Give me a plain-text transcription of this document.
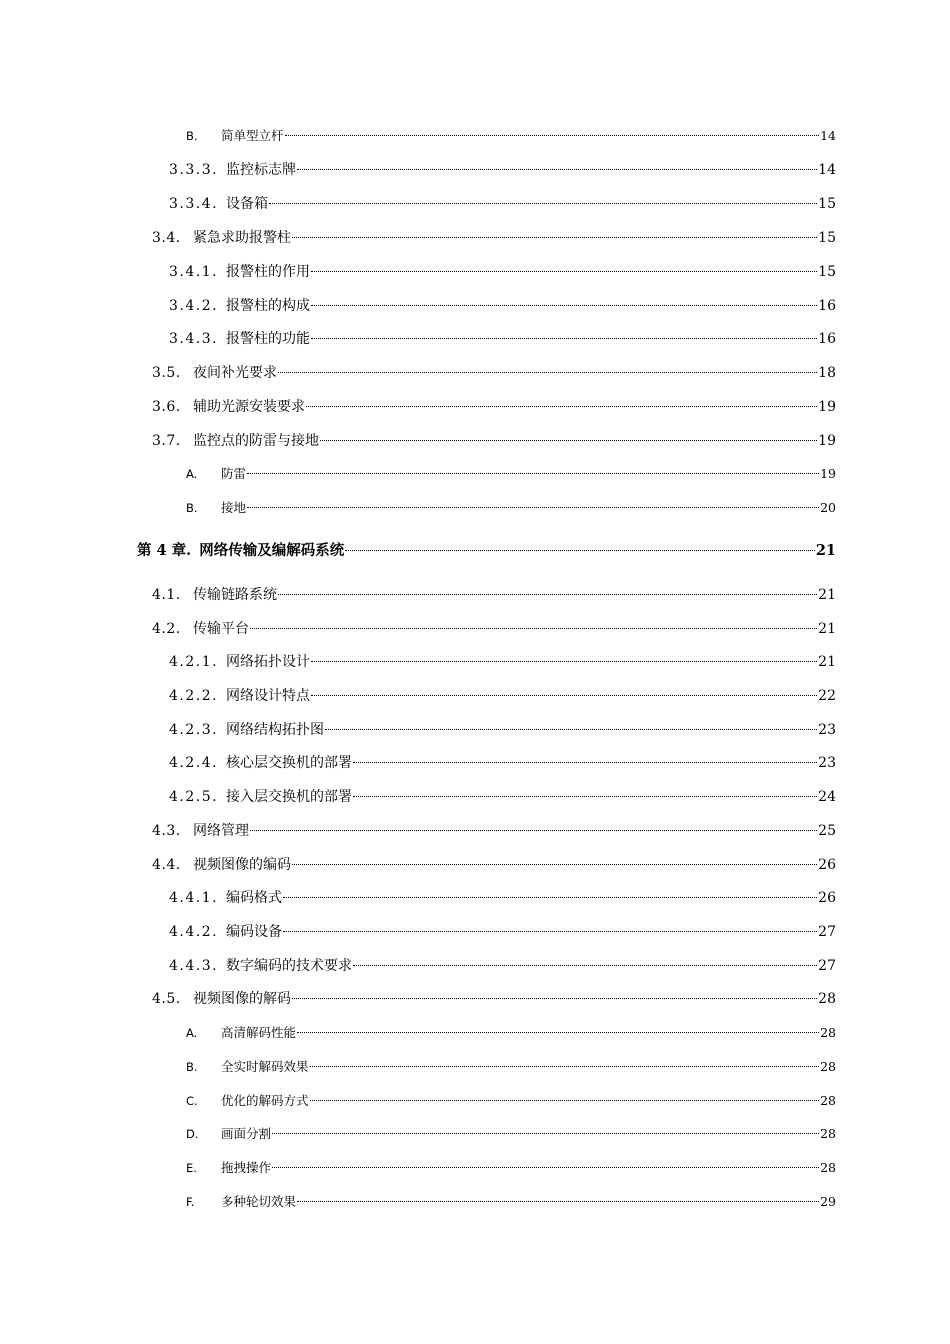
B.	简单型立杆	14
3.3.3. 监控标志牌	14
3.3.4. 设备箱	15
3.4. 紧急求助报警柱	15
3.4.1. 报警柱的作用	15
3.4.2. 报警柱的构成	16
3.4.3. 报警柱的功能	16
3.5. 夜间补光要求	18
3.6. 辅助光源安装要求	19
3.7. 监控点的防雷与接地	19
A.	防雷	19
B.	接地	20
第 4 章. 网络传输及编解码系统	21
4.1. 传输链路系统	21
4.2. 传输平台	21
4.2.1. 网络拓扑设计	21
4.2.2. 网络设计特点	22
4.2.3. 网络结构拓扑图	23
4.2.4. 核心层交换机的部署	23
4.2.5. 接入层交换机的部署	24
4.3. 网络管理	25
4.4. 视频图像的编码	26
4.4.1. 编码格式	26
4.4.2. 编码设备	27
4.4.3. 数字编码的技术要求	27
4.5. 视频图像的解码	28
A.	高清解码性能	28
B.	全实时解码效果	28
C.	优化的解码方式	28
D.	画面分割	28
E.	拖拽操作	28
F.	多种轮切效果	29
